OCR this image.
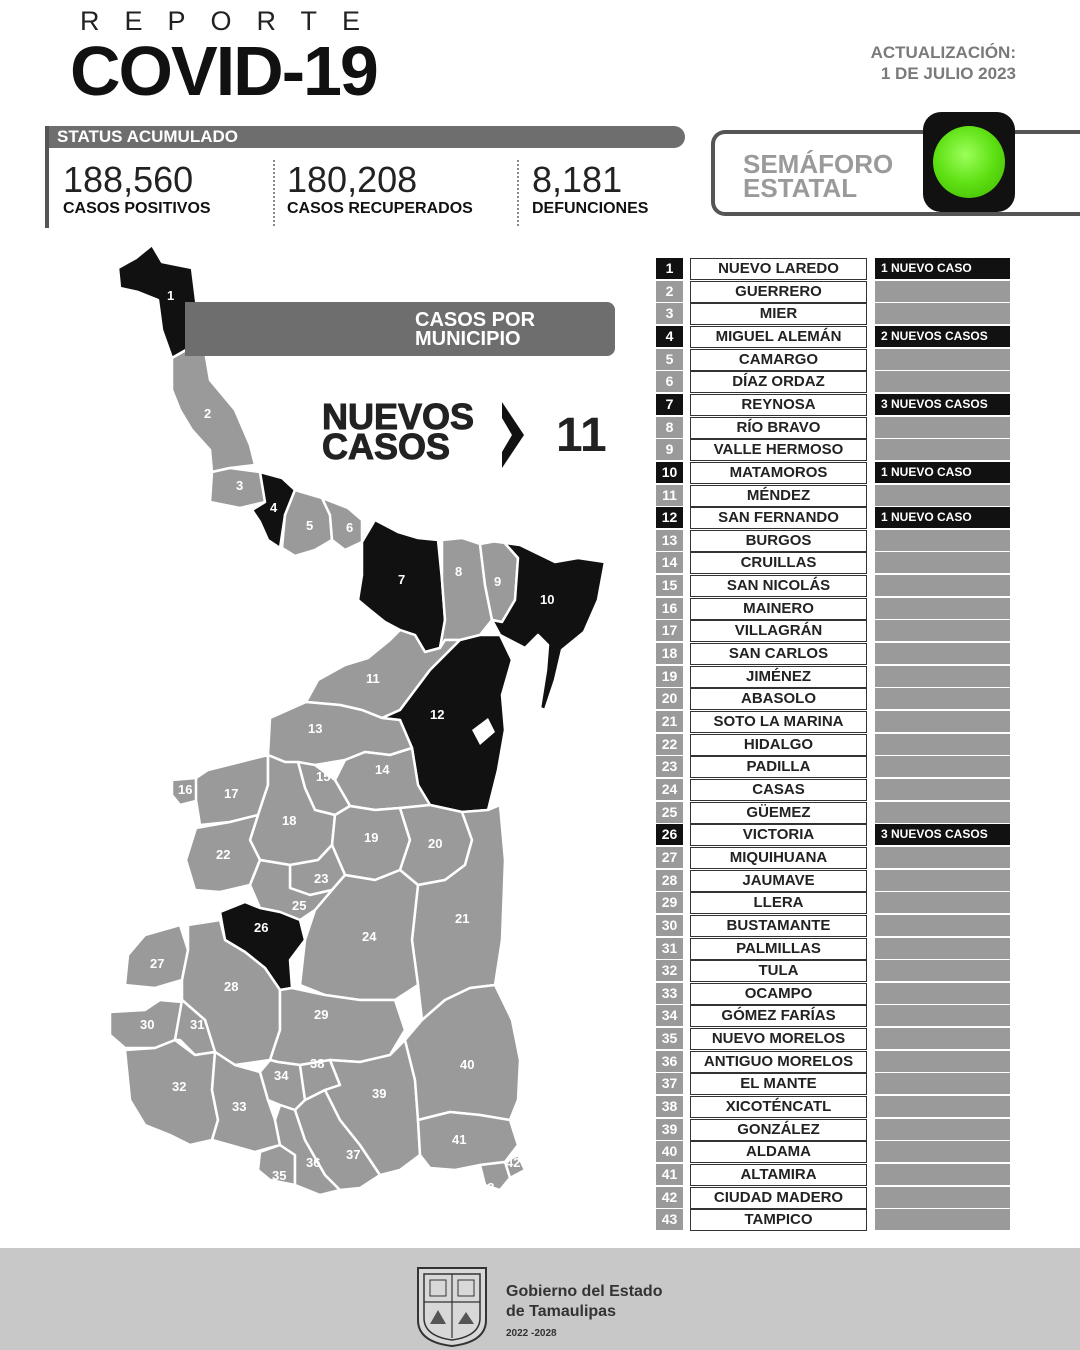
REPORTE
COVID-19	ACTUALIZACIÓN:
1 DE JULIO 2023
STATUS ACUMULADO
188,560
CASOS POSITIVOS
180,208
CASOS RECUPERADOS
8,181
DEFUNCIONES
SEMÁFORO
ESTATAL
1
2
3
4
5	6
7
8
9
10
11
12
13
14
15
16 17
18
19	20
21
22
23
24
25
26
27
28
29
30	31
32
33
34
35
36
37
38
39
40
41
42
43
CASOS POR
MUNICIPIO
NUEVOS
CASOS	11
1	NUEVO LAREDO	1 NUEVO CASO
2	GUERRERO
3	MIER
4	MIGUEL ALEMÁN	2 NUEVOS CASOS
5	CAMARGO
6	DÍAZ ORDAZ
7	REYNOSA	3 NUEVOS CASOS
8	RÍO BRAVO
9	VALLE HERMOSO
10	MATAMOROS	1 NUEVO CASO
11	MÉNDEZ
12	SAN FERNANDO	1 NUEVO CASO
13	BURGOS
14	CRUILLAS
15	SAN NICOLÁS
16	MAINERO
17	VILLAGRÁN
18	SAN CARLOS
19	JIMÉNEZ
20	ABASOLO
21	SOTO LA MARINA
22	HIDALGO
23	PADILLA
24	CASAS
25	GÜEMEZ
26	VICTORIA	3 NUEVOS CASOS
27	MIQUIHUANA
28	JAUMAVE
29	LLERA
30	BUSTAMANTE
31	PALMILLAS
32	TULA
33	OCAMPO
34	GÓMEZ FARÍAS
35	NUEVO MORELOS
36	ANTIGUO MORELOS
37	EL MANTE
38	XICOTÉNCATL
39	GONZÁLEZ
40	ALDAMA
41	ALTAMIRA
42	CIUDAD MADERO
43	TAMPICO
Gobierno del Estado
de Tamaulipas
2022 -2028
